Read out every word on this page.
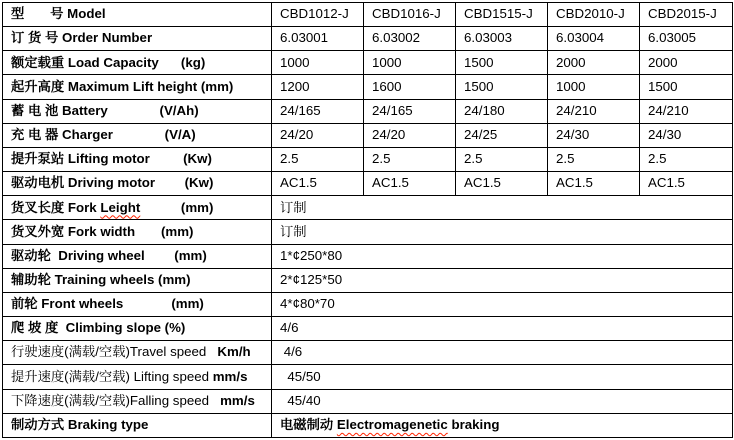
型       号 Model	CBD1012-J	CBD1016-J	CBD1515-J	CBD2010-J	CBD2015-J
订 货 号 Order Number	6.03001	6.03002	6.03003	6.03004	6.03005
额定载重 Load Capacity      (kg)	1000	1000	1500	2000	2000
起升高度 Maximum Lift height (mm)	1200	1600	1500	1000	1500
蓄 电 池 Battery              (V/Ah)	24/165	24/165	24/180	24/210	24/210
充 电 器 Charger              (V/A)	24/20	24/20	24/25	24/30	24/30
提升泵站 Lifting motor         (Kw)	2.5	2.5	2.5	2.5	2.5
驱动电机 Driving motor        (Kw)	AC1.5	AC1.5	AC1.5	AC1.5	AC1.5
货叉长度 Fork Leight           (mm)	订制				
货叉外宽 Fork width       (mm)	订制				
驱动轮  Driving wheel        (mm)	1*¢250*80				
辅助轮 Training wheels (mm)	2*¢125*50				
前轮 Front wheels             (mm)	4*¢80*70				
爬 坡 度  Climbing slope (%)	4/6				
行驶速度(满载/空载)Travel speed   Km/h	4/6				
提升速度(满载/空载) Lifting speed mm/s	45/50				
下降速度(满载/空载)Falling speed   mm/s	45/40				
制动方式 Braking type	电磁制动 Electromagenetic braking				
